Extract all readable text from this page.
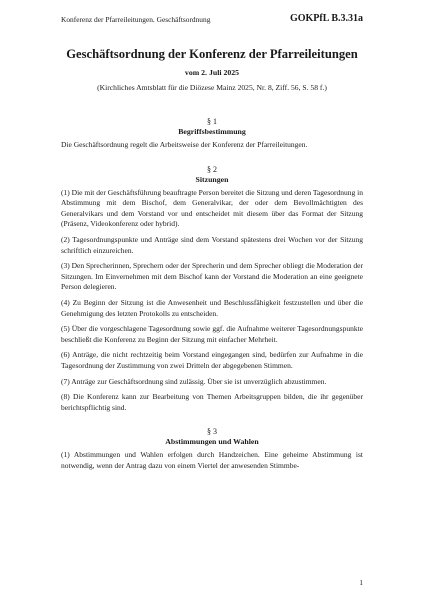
Konferenz der Pfarreileitungen. Geschäftsordnung	GOKPfL B.3.31a
Geschäftsordnung der Konferenz der Pfarreileitungen
vom 2. Juli 2025
(Kirchliches Amtsblatt für die Diözese Mainz 2025, Nr. 8, Ziff. 56, S. 58 f.)
§ 1
Begriffsbestimmung

Die Geschäftsordnung regelt die Arbeitsweise der Konferenz der Pfarreileitungen.

§ 2
Sitzungen

(1) Die mit der Geschäftsführung beauftragte Person bereitet die Sitzung und deren Tagesordnung in Abstimmung mit dem Bischof, dem Generalvikar, der oder dem Bevollmächtigten des Generalvikars und dem Vorstand vor und entscheidet mit diesem über das Format der Sitzung (Präsenz, Videokonferenz oder hybrid).

(2) Tagesordnungspunkte und Anträge sind dem Vorstand spätestens drei Wochen vor der Sitzung schriftlich einzureichen.

(3) Den Sprecherinnen, Sprechern oder der Sprecherin und dem Sprecher obliegt die Moderation der Sitzungen. Im Einvernehmen mit dem Bischof kann der Vorstand die Moderation an eine geeignete Person delegieren.

(4) Zu Beginn der Sitzung ist die Anwesenheit und Beschlussfähigkeit festzustellen und über die Genehmigung des letzten Protokolls zu entscheiden.

(5) Über die vorgeschlagene Tagesordnung sowie ggf. die Aufnahme weiterer Tagesordnungspunkte beschließt die Konferenz zu Beginn der Sitzung mit einfacher Mehrheit.

(6) Anträge, die nicht rechtzeitig beim Vorstand eingegangen sind, bedürfen zur Aufnahme in die Tagesordnung der Zustimmung von zwei Dritteln der abgegebenen Stimmen.

(7) Anträge zur Geschäftsordnung sind zulässig. Über sie ist unverzüglich abzustimmen.

(8) Die Konferenz kann zur Bearbeitung von Themen Arbeitsgruppen bilden, die ihr gegenüber berichtspflichtig sind.

§ 3
Abstimmungen und Wahlen

(1) Abstimmungen und Wahlen erfolgen durch Handzeichen. Eine geheime Abstimmung ist notwendig, wenn der Antrag dazu von einem Viertel der anwesenden Stimmbe-

1
